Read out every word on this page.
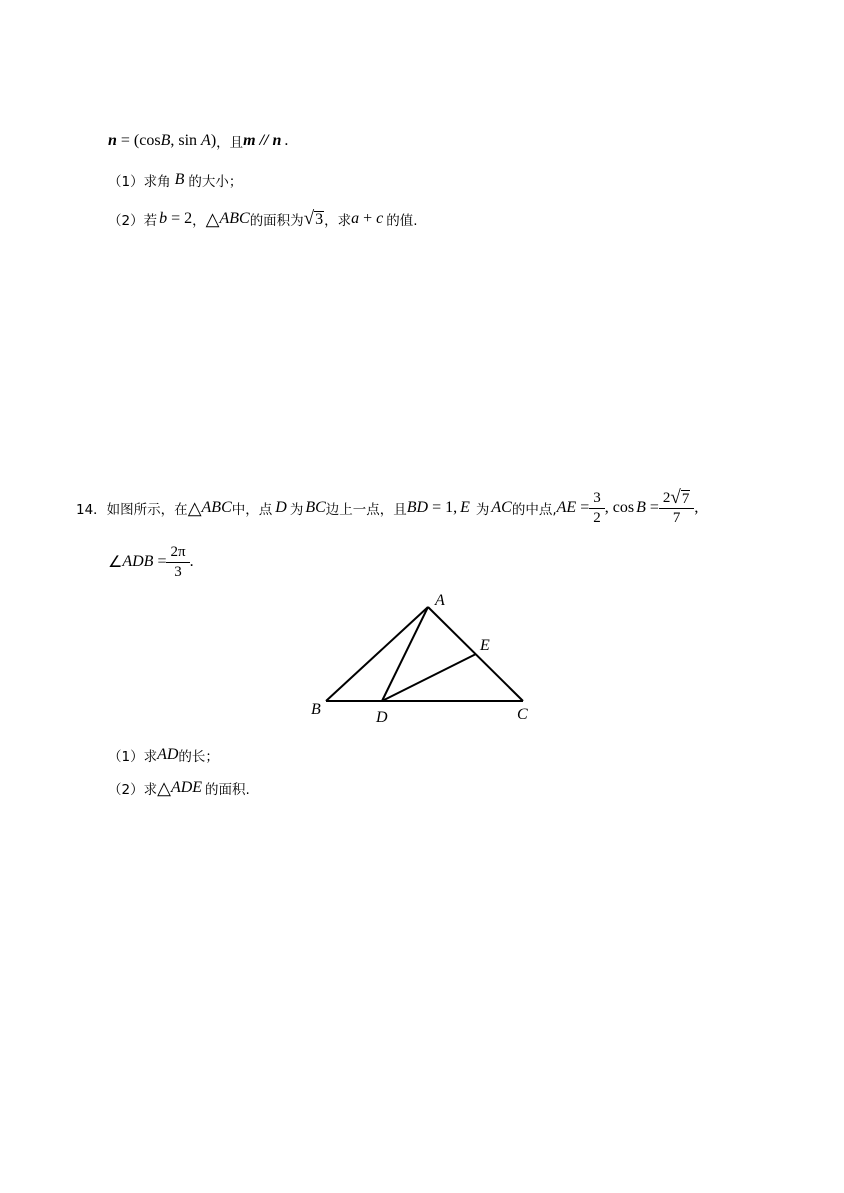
n = (cos B , sin A ) ，且 m // n .
（1）求角 B 的大小；
（2）若 b = 2 ， △ ABC 的面积为 √ 3 ，求 a + c 的值.
14．如图所示，在 △ ABC 中，点 D 为 BC 边上一点，且 BD = 1, E 为 AC 的中点, AE = $\frac{3}{2}$ , $\cos B = \frac{2 √ 7}{7}$ ,
∠ ADB = $\frac{2\pi}{3}$ .
A
E
B	D	C
（1）求 AD 的长；
（2）求 △ ADE 的面积.
